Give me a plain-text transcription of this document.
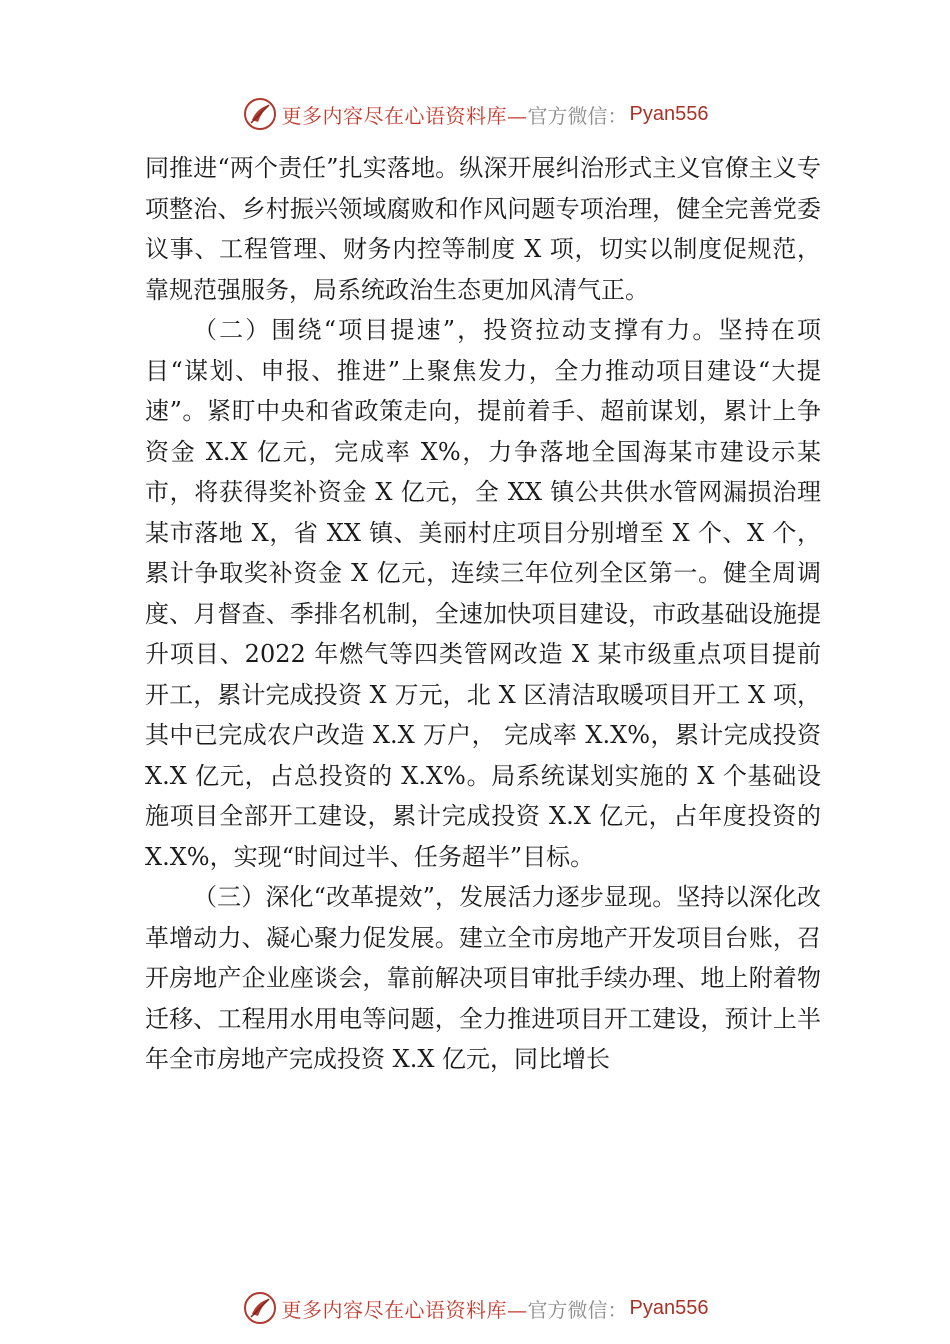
更多内容尽在心语资料库— 官方微信： Pyan556

同推进“两个责任”扎实落地。纵深开展纠治形式主义官僚主义专项整治、乡村振兴领域腐败和作风问题专项治理，健全完善党委议事、工程管理、财务内控等制度 X 项，切实以制度促规范，靠规范强服务，局系统政治生态更加风清气正。

（二）围绕“项目提速”，投资拉动支撑有力。坚持在项目“谋划、申报、推进”上聚焦发力，全力推动项目建设“大提速”。紧盯中央和省政策走向，提前着手、超前谋划，累计上争资金 X.X 亿元，完成率 X%，力争落地全国海某市建设示某市，将获得奖补资金 X 亿元，全 XX 镇公共供水管网漏损治理某市落地 X，省 XX 镇、美丽村庄项目分别增至 X 个、X 个，累计争取奖补资金 X 亿元，连续三年位列全区第一。健全周调度、月督查、季排名机制，全速加快项目建设，市政基础设施提升项目、2022 年燃气等四类管网改造 X 某市级重点项目提前开工，累计完成投资 X 万元，北 X 区清洁取暖项目开工 X 项，其中已完成农户改造 X.X 万户， 完成率 X.X%，累计完成投资 X.X 亿元，占总投资的 X.X%。局系统谋划实施的 X 个基础设施项目全部开工建设，累计完成投资 X.X 亿元，占年度投资的 X.X%，实现“时间过半、任务超半”目标。

（三）深化“改革提效”，发展活力逐步显现。坚持以深化改革增动力、凝心聚力促发展。建立全市房地产开发项目台账，召开房地产企业座谈会，靠前解决项目审批手续办理、地上附着物迁移、工程用水用电等问题，全力推进项目开工建设，预计上半年全市房地产完成投资 X.X 亿元，同比增长

更多内容尽在心语资料库— 官方微信： Pyan556
